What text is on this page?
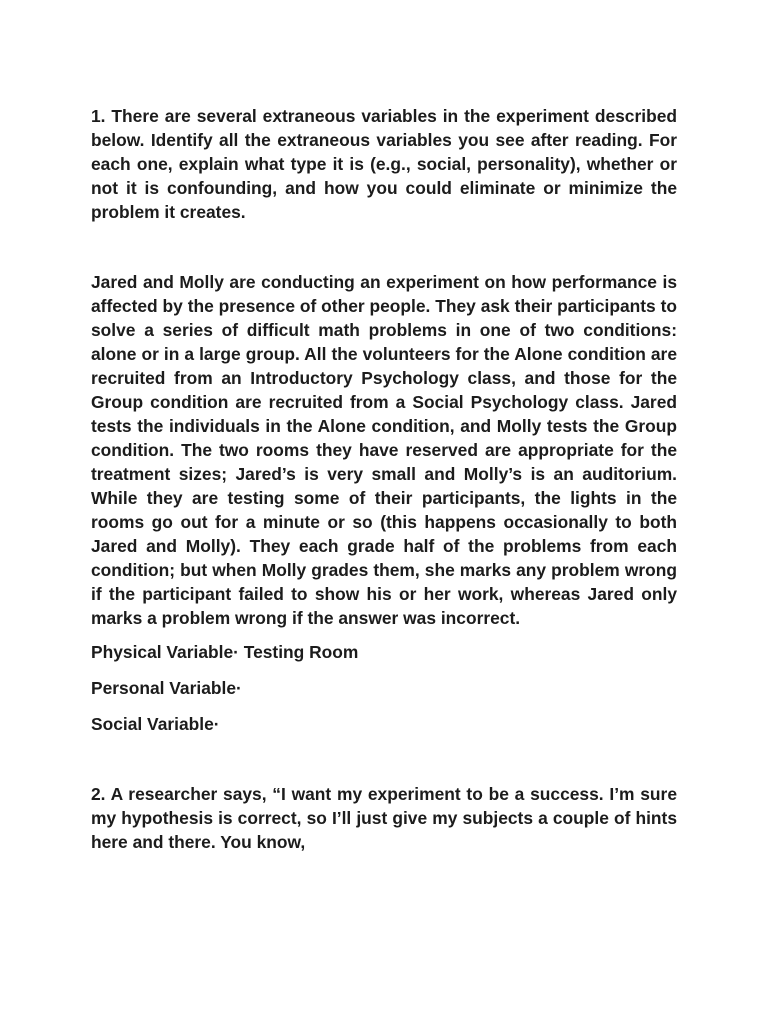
1. There are several extraneous variables in the experiment described below. Identify all the extraneous variables you see after reading. For each one, explain what type it is (e.g., social, personality), whether or not it is confounding, and how you could eliminate or minimize the problem it creates.

Jared and Molly are conducting an experiment on how performance is affected by the presence of other people. They ask their participants to solve a series of difficult math problems in one of two conditions: alone or in a large group. All the volunteers for the Alone condition are recruited from an Introductory Psychology class, and those for the Group condition are recruited from a Social Psychology class. Jared tests the individuals in the Alone condition, and Molly tests the Group condition. The two rooms they have reserved are appropriate for the treatment sizes; Jared’s is very small and Molly’s is an auditorium. While they are testing some of their participants, the lights in the rooms go out for a minute or so (this happens occasionally to both Jared and Molly). They each grade half of the problems from each condition; but when Molly grades them, she marks any problem wrong if the participant failed to show his or her work, whereas Jared only marks a problem wrong if the answer was incorrect.

Physical Variable· Testing Room

Personal Variable·

Social Variable·

2. A researcher says, “I want my experiment to be a success. I’m sure my hypothesis is correct, so I’ll just give my subjects a couple of hints here and there. You know,
